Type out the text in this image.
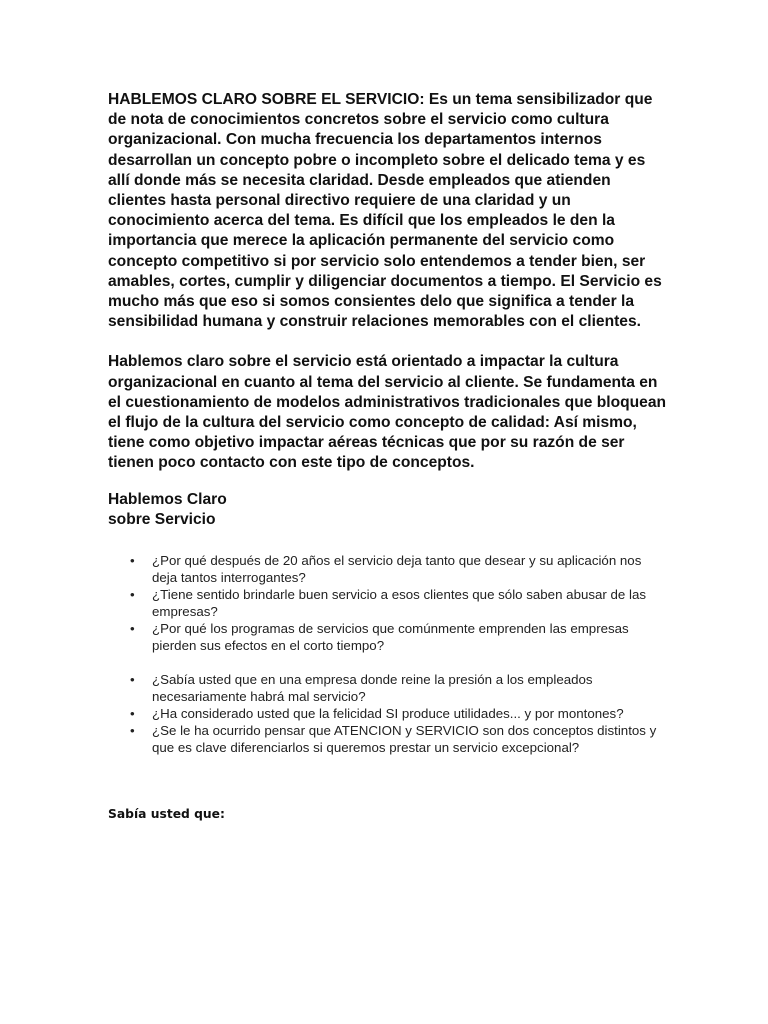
HABLEMOS CLARO SOBRE EL SERVICIO: Es un tema sensibilizador que de nota de conocimientos concretos sobre el servicio como cultura organizacional. Con mucha frecuencia los departamentos internos desarrollan un concepto pobre o incompleto sobre el delicado tema y es allí donde más se necesita claridad. Desde empleados que atienden clientes hasta personal directivo requiere de una claridad y un conocimiento acerca del tema. Es difícil que los empleados le den la importancia que merece la aplicación permanente del servicio como concepto competitivo si por servicio solo entendemos a tender bien, ser amables, cortes, cumplir y diligenciar documentos a tiempo. El Servicio es mucho más que eso si somos consientes delo que significa a tender la sensibilidad humana y construir relaciones memorables con el clientes.

Hablemos claro sobre el servicio está orientado a impactar la cultura organizacional en cuanto al tema del servicio al cliente. Se fundamenta en el cuestionamiento de modelos administrativos tradicionales que bloquean el flujo de la cultura del servicio como concepto de calidad: Así mismo, tiene como objetivo impactar aéreas técnicas que por su razón de ser tienen poco contacto con este tipo de conceptos.

Hablemos Claro
sobre Servicio
• ¿Por qué después de 20 años el servicio deja tanto que desear y su aplicación nos deja tantos interrogantes?
• ¿Tiene sentido brindarle buen servicio a esos clientes que sólo saben abusar de las empresas?
• ¿Por qué los programas de servicios que comúnmente emprenden las empresas pierden sus efectos en el corto tiempo?
• ¿Sabía usted que en una empresa donde reine la presión a los empleados necesariamente habrá mal servicio?
• ¿Ha considerado usted que la felicidad SI produce utilidades... y por montones?
• ¿Se le ha ocurrido pensar que ATENCION y SERVICIO son dos conceptos distintos y que es clave diferenciarlos si queremos prestar un servicio excepcional?

Sabía usted que:
